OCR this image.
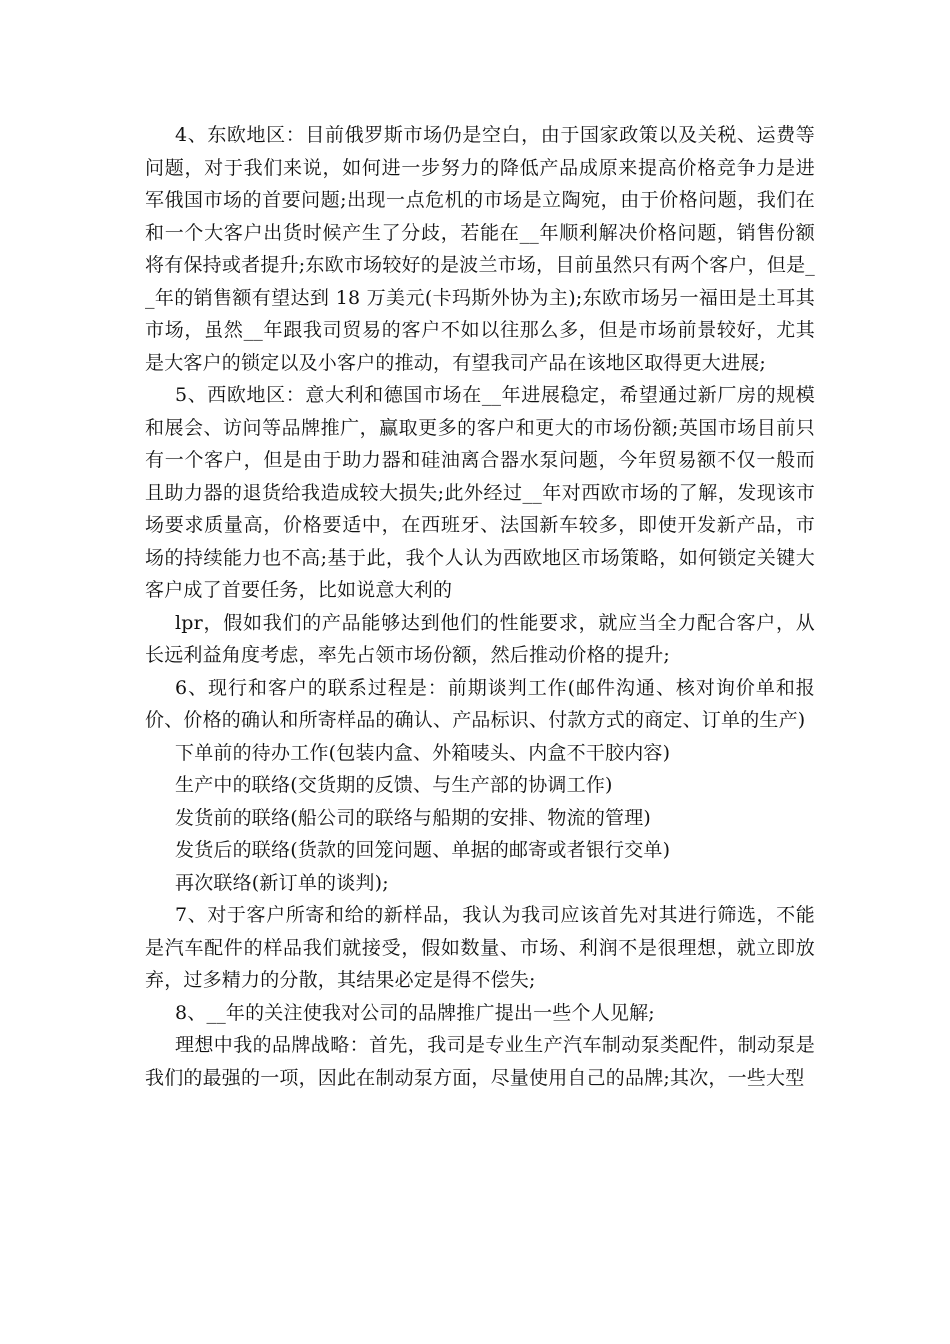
4、东欧地区：目前俄罗斯市场仍是空白，由于国家政策以及关税、运费等问题，对于我们来说，如何进一步努力的降低产品成原来提高价格竞争力是进军俄国市场的首要问题;出现一点危机的市场是立陶宛，由于价格问题，我们在和一个大客户出货时候产生了分歧，若能在__年顺利解决价格问题，销售份额将有保持或者提升;东欧市场较好的是波兰市场，目前虽然只有两个客户，但是__年的销售额有望达到 18 万美元(卡玛斯外协为主);东欧市场另一福田是土耳其市场，虽然__年跟我司贸易的客户不如以往那么多，但是市场前景较好，尤其是大客户的锁定以及小客户的推动，有望我司产品在该地区取得更大进展;

5、西欧地区：意大利和德国市场在__年进展稳定，希望通过新厂房的规模和展会、访问等品牌推广，赢取更多的客户和更大的市场份额;英国市场目前只有一个客户，但是由于助力器和硅油离合器水泵问题，今年贸易额不仅一般而且助力器的退货给我造成较大损失;此外经过__年对西欧市场的了解，发现该市场要求质量高，价格要适中，在西班牙、法国新车较多，即使开发新产品，市场的持续能力也不高;基于此，我个人认为西欧地区市场策略，如何锁定关键大客户成了首要任务，比如说意大利的

lpr，假如我们的产品能够达到他们的性能要求，就应当全力配合客户，从长远利益角度考虑，率先占领市场份额，然后推动价格的提升;

6、现行和客户的联系过程是：前期谈判工作(邮件沟通、核对询价单和报价、价格的确认和所寄样品的确认、产品标识、付款方式的商定、订单的生产)

下单前的待办工作(包装内盒、外箱唛头、内盒不干胶内容)

生产中的联络(交货期的反馈、与生产部的协调工作)

发货前的联络(船公司的联络与船期的安排、物流的管理)

发货后的联络(货款的回笼问题、单据的邮寄或者银行交单)

再次联络(新订单的谈判);

7、对于客户所寄和给的新样品，我认为我司应该首先对其进行筛选，不能是汽车配件的样品我们就接受，假如数量、市场、利润不是很理想，就立即放弃，过多精力的分散，其结果必定是得不偿失;

8、__年的关注使我对公司的品牌推广提出一些个人见解;

理想中我的品牌战略：首先，我司是专业生产汽车制动泵类配件，制动泵是我们的最强的一项，因此在制动泵方面，尽量使用自己的品牌;其次，一些大型
